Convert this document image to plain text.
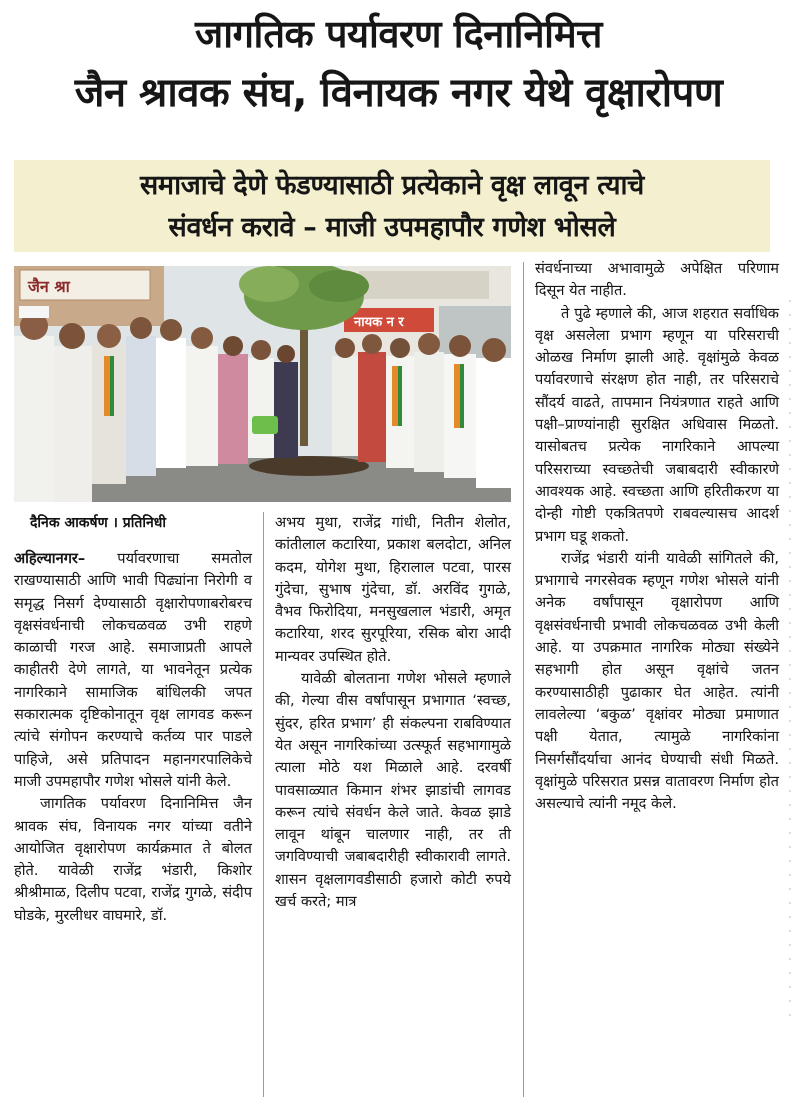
जागतिक पर्यावरण दिनानिमित्त
जैन श्रावक संघ, विनायक नगर येथे वृक्षारोपण
समाजाचे देणे फेडण्यासाठी प्रत्येकाने वृक्ष लावून त्याचे
संवर्धन करावे – माजी उपमहापौर गणेश भोसले
जैन श्रा
नायक न र
दैनिक आकर्षण । प्रतिनिधी

अहिल्यानगर– पर्यावरणाचा समतोल राखण्यासाठी आणि भावी पिढ्यांना निरोगी व समृद्ध निसर्ग देण्यासाठी वृक्षारोपणाबरोबरच वृक्षसंवर्धनाची लोकचळवळ उभी राहणे काळाची गरज आहे. समाजाप्रती आपले काहीतरी देणे लागते, या भावनेतून प्रत्येक नागरिकाने सामाजिक बांधिलकी जपत सकारात्मक दृष्टिकोनातून वृक्ष लागवड करून त्यांचे संगोपन करण्याचे कर्तव्य पार पाडले पाहिजे, असे प्रतिपादन महानगरपालिकेचे माजी उपमहापौर गणेश भोसले यांनी केले.

जागतिक पर्यावरण दिनानिमित्त जैन श्रावक संघ, विनायक नगर यांच्या वतीने आयोजित वृक्षारोपण कार्यक्रमात ते बोलत होते. यावेळी राजेंद्र भंडारी, किशोर श्रीश्रीमाळ, दिलीप पटवा, राजेंद्र गुगळे, संदीप घोडके, मुरलीधर वाघमारे, डॉ.

अभय मुथा, राजेंद्र गांधी, नितीन शेलोत, कांतीलाल कटारिया, प्रकाश बलदोटा, अनिल कदम, योगेश मुथा, हिरालाल पटवा, पारस गुंदेचा, सुभाष गुंदेचा, डॉ. अरविंद गुगळे, वैभव फिरोदिया, मनसुखलाल भंडारी, अमृत कटारिया, शरद सुरपूरिया, रसिक बोरा आदी मान्यवर उपस्थित होते.

यावेळी बोलताना गणेश भोसले म्हणाले की, गेल्या वीस वर्षांपासून प्रभागात ‘स्वच्छ, सुंदर, हरित प्रभाग’ ही संकल्पना राबविण्यात येत असून नागरिकांच्या उत्स्फूर्त सहभागामुळे त्याला मोठे यश मिळाले आहे. दरवर्षी पावसाळ्यात किमान शंभर झाडांची लागवड करून त्यांचे संवर्धन केले जाते. केवळ झाडे लावून थांबून चालणार नाही, तर ती जगविण्याची जबाबदारीही स्वीकारावी लागते. शासन वृक्षलागवडीसाठी हजारो कोटी रुपये खर्च करते; मात्र

संवर्धनाच्या अभावामुळे अपेक्षित परिणाम दिसून येत नाहीत.

ते पुढे म्हणाले की, आज शहरात सर्वाधिक वृक्ष असलेला प्रभाग म्हणून या परिसराची ओळख निर्माण झाली आहे. वृक्षांमुळे केवळ पर्यावरणाचे संरक्षण होत नाही, तर परिसराचे सौंदर्य वाढते, तापमान नियंत्रणात राहते आणि पक्षी–प्राण्यांनाही सुरक्षित अधिवास मिळतो. यासोबतच प्रत्येक नागरिकाने आपल्या परिसराच्या स्वच्छतेची जबाबदारी स्वीकारणे आवश्यक आहे. स्वच्छता आणि हरितीकरण या दोन्ही गोष्टी एकत्रितपणे राबवल्यासच आदर्श प्रभाग घडू शकतो.

राजेंद्र भंडारी यांनी यावेळी सांगितले की, प्रभागाचे नगरसेवक म्हणून गणेश भोसले यांनी अनेक वर्षांपासून वृक्षारोपण आणि वृक्षसंवर्धनाची प्रभावी लोकचळवळ उभी केली आहे. या उपक्रमात नागरिक मोठ्या संख्येने सहभागी होत असून वृक्षांचे जतन करण्यासाठीही पुढाकार घेत आहेत. त्यांनी लावलेल्या ‘बकुळ’ वृक्षांवर मोठ्या प्रमाणात पक्षी येतात, त्यामुळे नागरिकांना निसर्गसौंदर्याचा आनंद घेण्याची संधी मिळते. वृक्षांमुळे परिसरात प्रसन्न वातावरण निर्माण होत असल्याचे त्यांनी नमूद केले.
